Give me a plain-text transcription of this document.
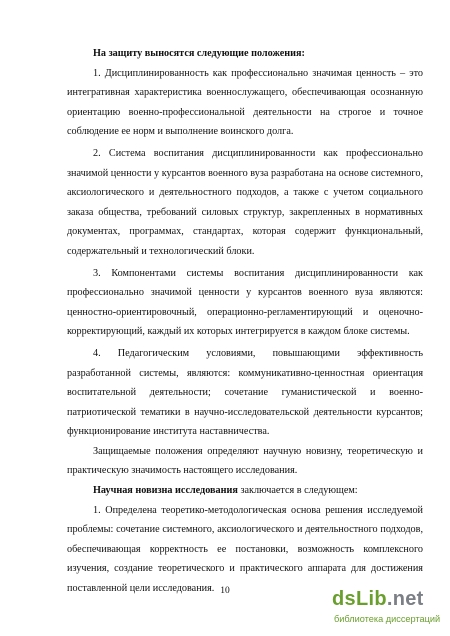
На защиту выносятся следующие положения:

1. Дисциплинированность как профессионально значимая ценность – это интегративная характеристика военнослужащего, обеспечивающая осознанную ориентацию военно-профессиональной деятельности на строгое и точное соблюдение ее норм и выполнение воинского долга.

2. Система воспитания дисциплинированности как профессионально значимой ценности у курсантов военного вуза разработана на основе системного, аксиологического и деятельностного подходов, а также с учетом социального заказа общества, требований силовых структур, закрепленных в нормативных документах, программах, стандартах, которая содержит функциональный, содержательный и технологический блоки.

3. Компонентами системы воспитания дисциплинированности как профессионально значимой ценности у курсантов военного вуза являются: ценностно-ориентировочный, операционно-регламентирующий и оценочно-корректирующий, каждый их которых интегрируется в каждом блоке системы.

4. Педагогическим условиями, повышающими эффективность разработанной системы, являются: коммуникативно-ценностная ориентация воспитательной деятельности; сочетание гуманистической и военно-патриотической тематики в научно-исследовательской деятельности курсантов; функционирование института наставничества.

Защищаемые положения определяют научную новизну, теоретическую и практическую значимость настоящего исследования.

Научная новизна исследования заключается в следующем:

1. Определена теоретико-методологическая основа решения исследуемой проблемы: сочетание системного, аксиологического и деятельностного подходов, обеспечивающая корректность ее постановки, возможность комплексного изучения, создание теоретического и практического аппарата для достижения поставленной цели исследования. 10	dsLib.net
библиотека диссертаций
